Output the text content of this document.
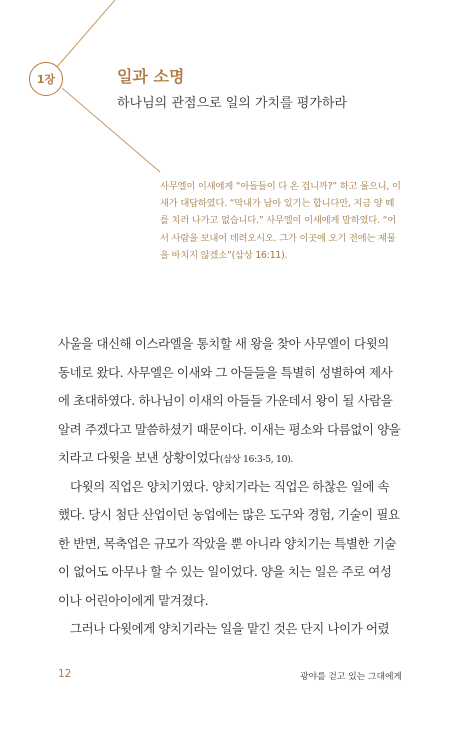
1장	일과 소명
하나님의 관점으로 일의 가치를 평가하라
사무엘이 이새에게 “아들들이 다 온 겁니까?” 하고 물으니, 이
새가 대답하였다. “막내가 남아 있기는 합니다만, 지금 양 떼
를 치러 나가고 없습니다.” 사무엘이 이새에게 말하였다. “어
서 사람을 보내어 데려오시오. 그가 이곳에 오기 전에는 제물
을 바치지 않겠소”(삼상 16:11).
사울을 대신해 이스라엘을 통치할 새 왕을 찾아 사무엘이 다윗의
동네로 왔다. 사무엘은 이새와 그 아들들을 특별히 성별하여 제사
에 초대하였다. 하나님이 이새의 아들들 가운데서 왕이 될 사람을
알려 주겠다고 말씀하셨기 때문이다. 이새는 평소와 다름없이 양을
치라고 다윗을 보낸 상황이었다(삼상 16:3-5, 10).
다윗의 직업은 양치기였다. 양치기라는 직업은 하찮은 일에 속
했다. 당시 첨단 산업이던 농업에는 많은 도구와 경험, 기술이 필요
한 반면, 목축업은 규모가 작았을 뿐 아니라 양치기는 특별한 기술
이 없어도 아무나 할 수 있는 일이었다. 양을 치는 일은 주로 여성
이나 어린아이에게 맡겨졌다.
그러나 다윗에게 양치기라는 일을 맡긴 것은 단지 나이가 어렸
12	광야를 걷고 있는 그대에게
